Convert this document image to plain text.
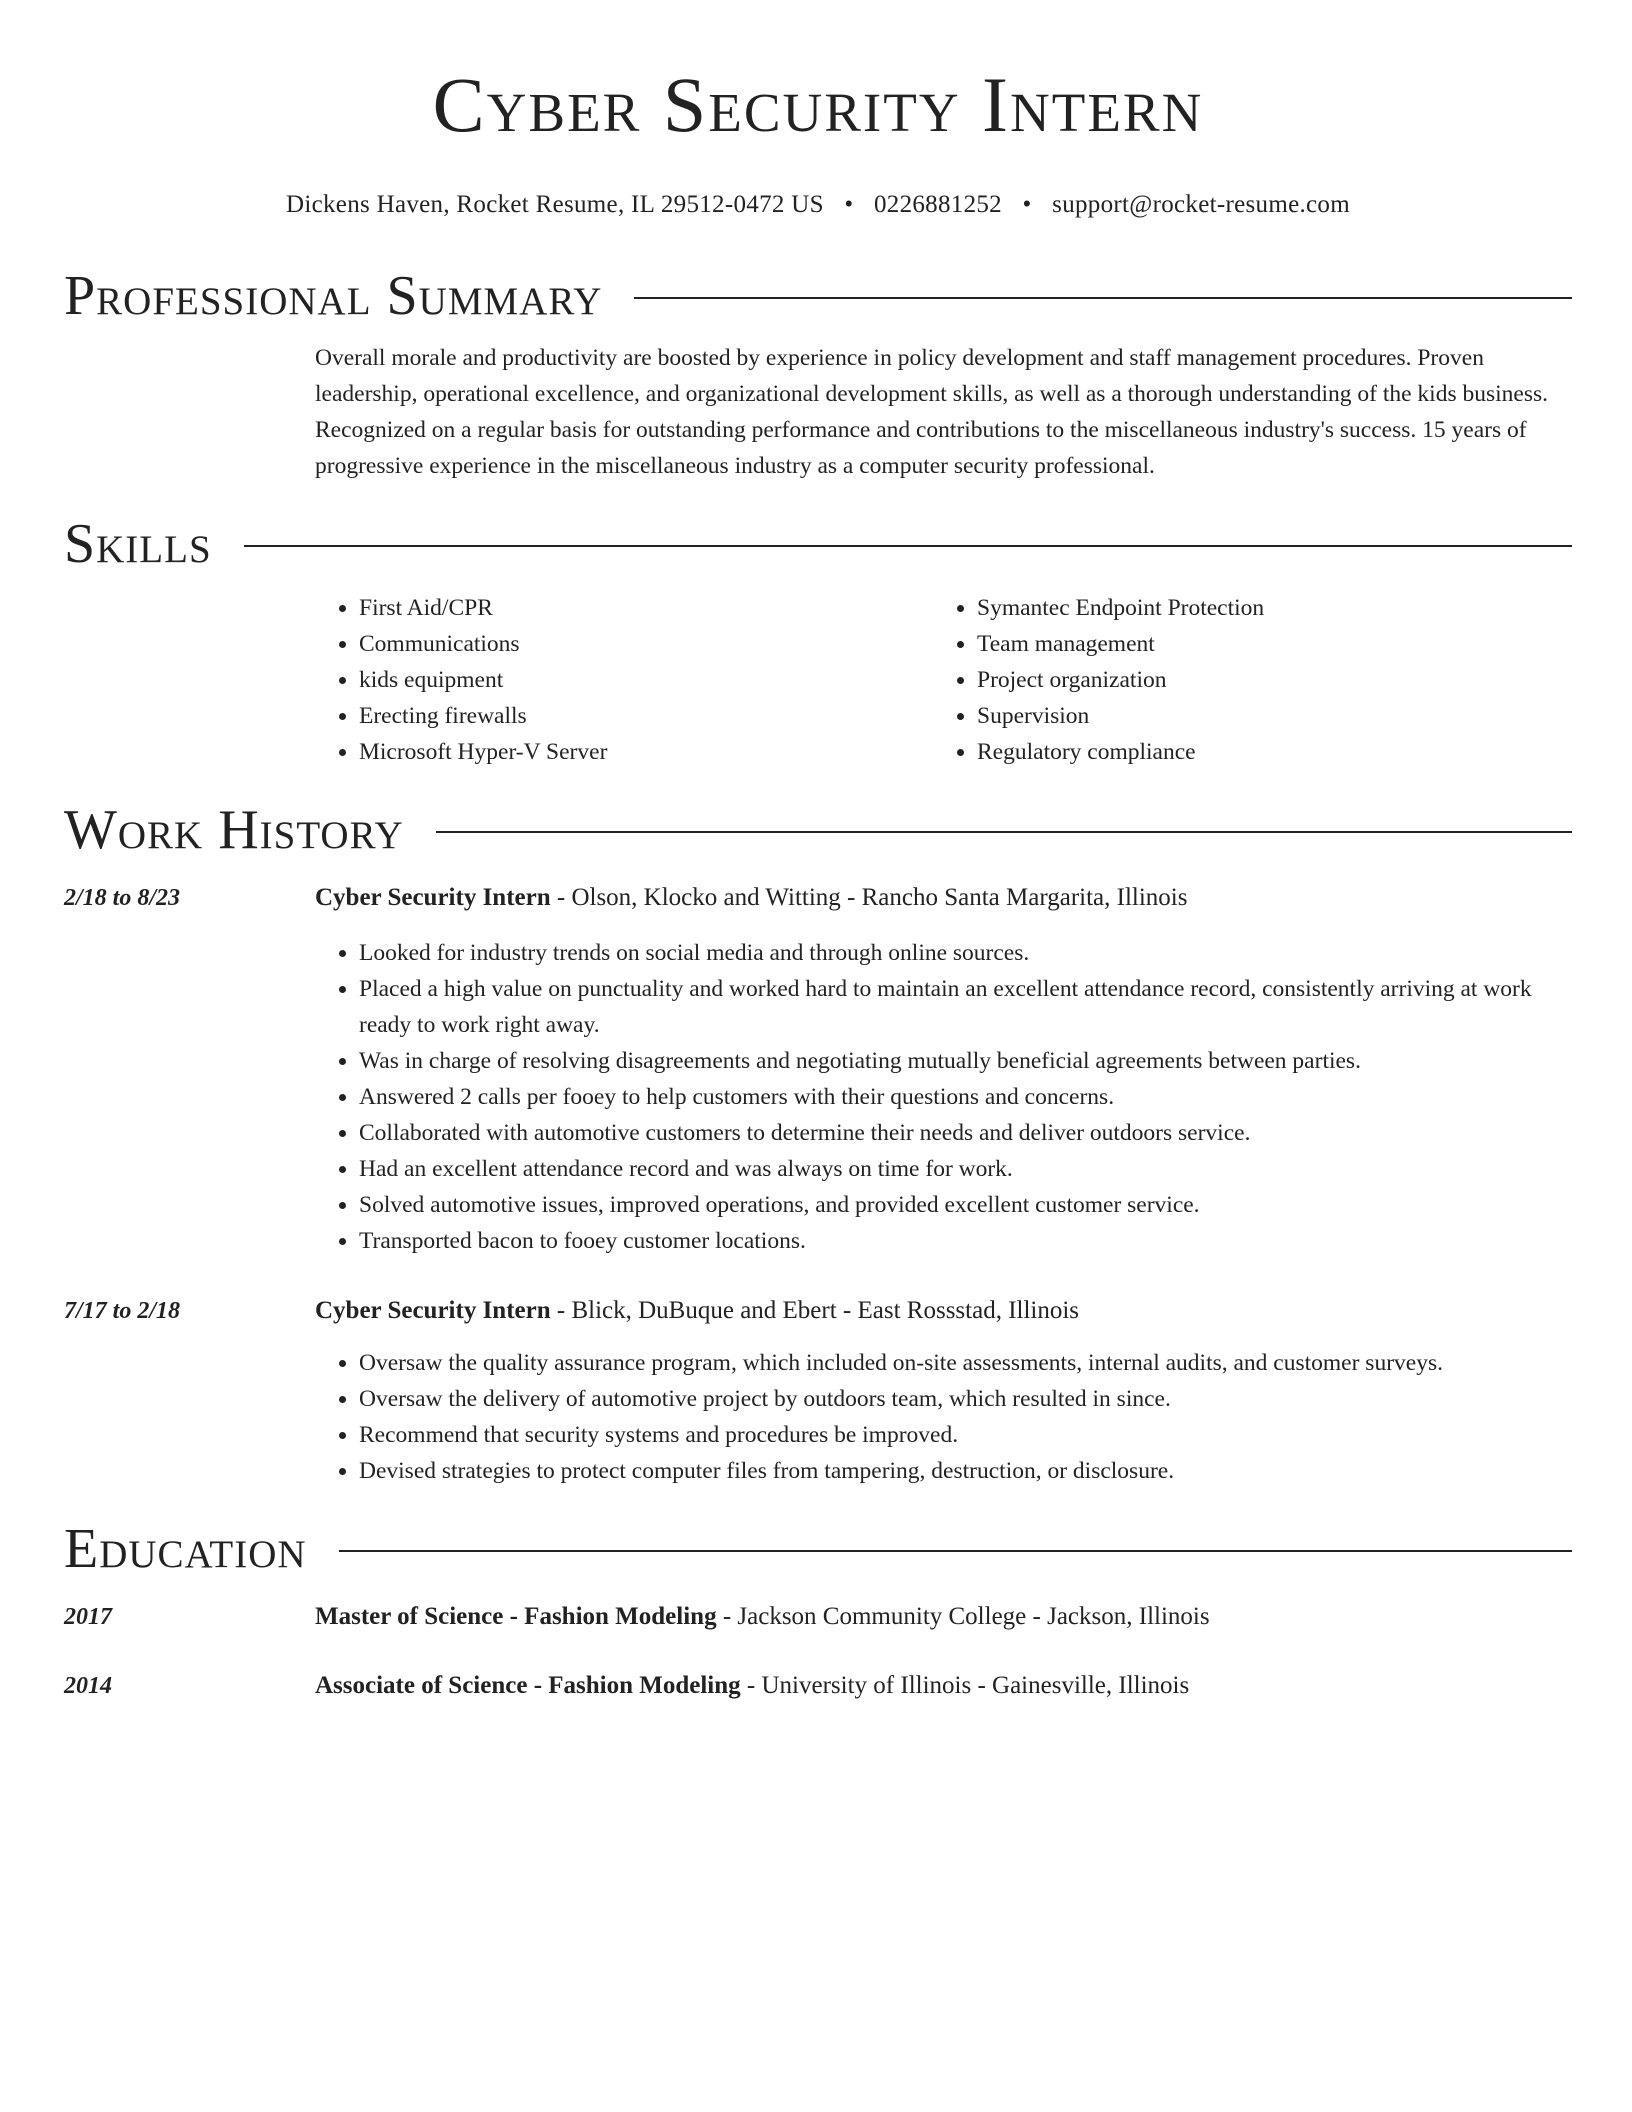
Cyber Security Intern
Dickens Haven, Rocket Resume, IL 29512-0472 US • 0226881252 • support@rocket-resume.com
Professional Summary
Overall morale and productivity are boosted by experience in policy development and staff management procedures. Proven leadership, operational excellence, and organizational development skills, as well as a thorough understanding of the kids business. Recognized on a regular basis for outstanding performance and contributions to the miscellaneous industry's success. 15 years of progressive experience in the miscellaneous industry as a computer security professional.
Skills
• First Aid/CPR
• Communications
• kids equipment
• Erecting firewalls
• Microsoft Hyper-V Server
• Symantec Endpoint Protection
• Team management
• Project organization
• Supervision
• Regulatory compliance
Work History
2/18 to 8/23	Cyber Security Intern - Olson, Klocko and Witting - Rancho Santa Margarita, Illinois
• Looked for industry trends on social media and through online sources.
• Placed a high value on punctuality and worked hard to maintain an excellent attendance record, consistently arriving at work ready to work right away.
• Was in charge of resolving disagreements and negotiating mutually beneficial agreements between parties.
• Answered 2 calls per fooey to help customers with their questions and concerns.
• Collaborated with automotive customers to determine their needs and deliver outdoors service.
• Had an excellent attendance record and was always on time for work.
• Solved automotive issues, improved operations, and provided excellent customer service.
• Transported bacon to fooey customer locations.
7/17 to 2/18	Cyber Security Intern - Blick, DuBuque and Ebert - East Rossstad, Illinois
• Oversaw the quality assurance program, which included on-site assessments, internal audits, and customer surveys.
• Oversaw the delivery of automotive project by outdoors team, which resulted in since.
• Recommend that security systems and procedures be improved.
• Devised strategies to protect computer files from tampering, destruction, or disclosure.
Education
2017	Master of Science - Fashion Modeling - Jackson Community College - Jackson, Illinois
2014	Associate of Science - Fashion Modeling - University of Illinois - Gainesville, Illinois
